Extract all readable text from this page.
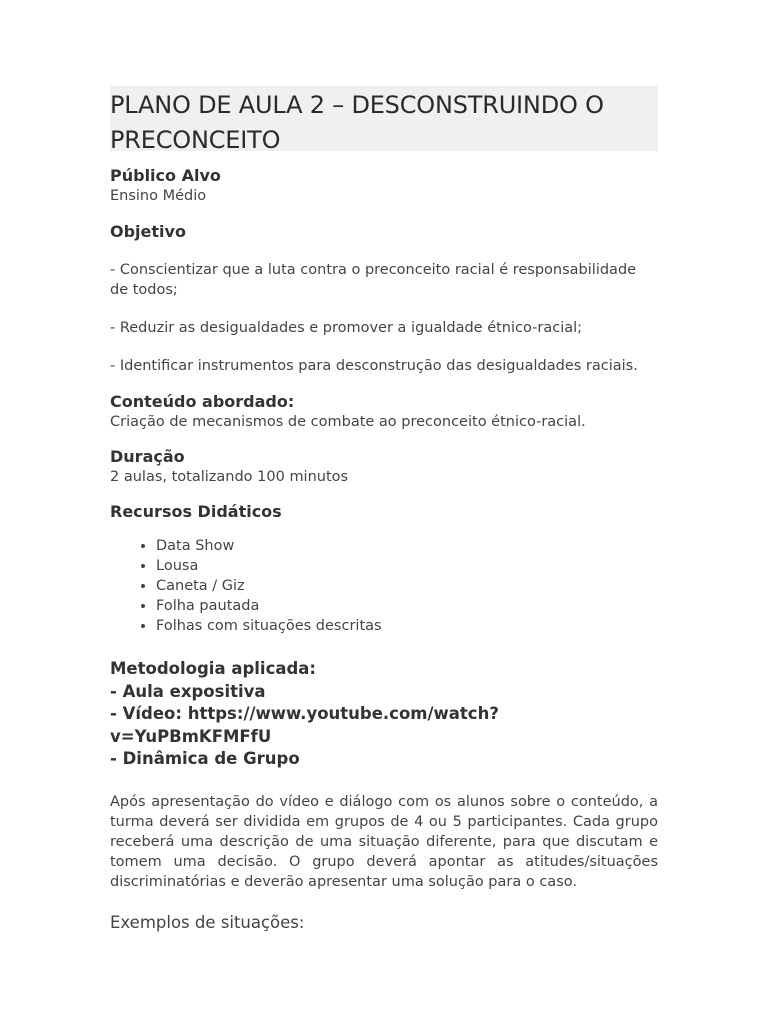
PLANO DE AULA 2 – DESCONSTRUINDO O
PRECONCEITO
Público Alvo
Ensino Médio
Objetivo
- Conscientizar que a luta contra o preconceito racial é responsabilidade de todos;
- Reduzir as desigualdades e promover a igualdade étnico-racial;
- Identificar instrumentos para desconstrução das desigualdades raciais.
Conteúdo abordado:
Criação de mecanismos de combate ao preconceito étnico-racial.
Duração
2 aulas, totalizando 100 minutos
Recursos Didáticos
• Data Show
• Lousa
• Caneta / Giz
• Folha pautada
• Folhas com situações descritas
Metodologia aplicada:
- Aula expositiva
- Vídeo: https://www.youtube.com/watch?v=YuPBmKFMFfU
- Dinâmica de Grupo

Após apresentação do vídeo e diálogo com os alunos sobre o conteúdo, a turma deverá ser dividida em grupos de 4 ou 5 participantes. Cada grupo receberá uma descrição de uma situação diferente, para que discutam e tomem uma decisão. O grupo deverá apontar as atitudes/situações discriminatórias e deverão apresentar uma solução para o caso.

Exemplos de situações:
